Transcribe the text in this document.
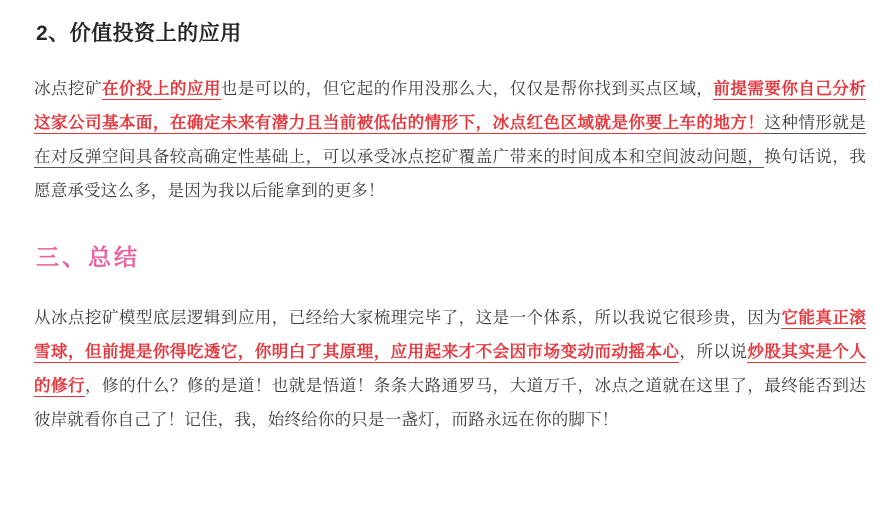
2、价值投资上的应用

冰点挖矿在价投上的应用也是可以的，但它起的作用没那么大，仅仅是帮你找到买点区域，前提需要你自己分析这家公司基本面，在确定未来有潜力且当前被低估的情形下，冰点红色区域就是你要上车的地方！这种情形就是在对反弹空间具备较高确定性基础上，可以承受冰点挖矿覆盖广带来的时间成本和空间波动问题，换句话说，我愿意承受这么多，是因为我以后能拿到的更多！

三、总结

从冰点挖矿模型底层逻辑到应用，已经给大家梳理完毕了，这是一个体系，所以我说它很珍贵，因为它能真正滚雪球，但前提是你得吃透它，你明白了其原理，应用起来才不会因市场变动而动摇本心，所以说炒股其实是个人的修行，修的什么？修的是道！也就是悟道！条条大路通罗马，大道万千，冰点之道就在这里了，最终能否到达彼岸就看你自己了！记住，我，始终给你的只是一盏灯，而路永远在你的脚下！
